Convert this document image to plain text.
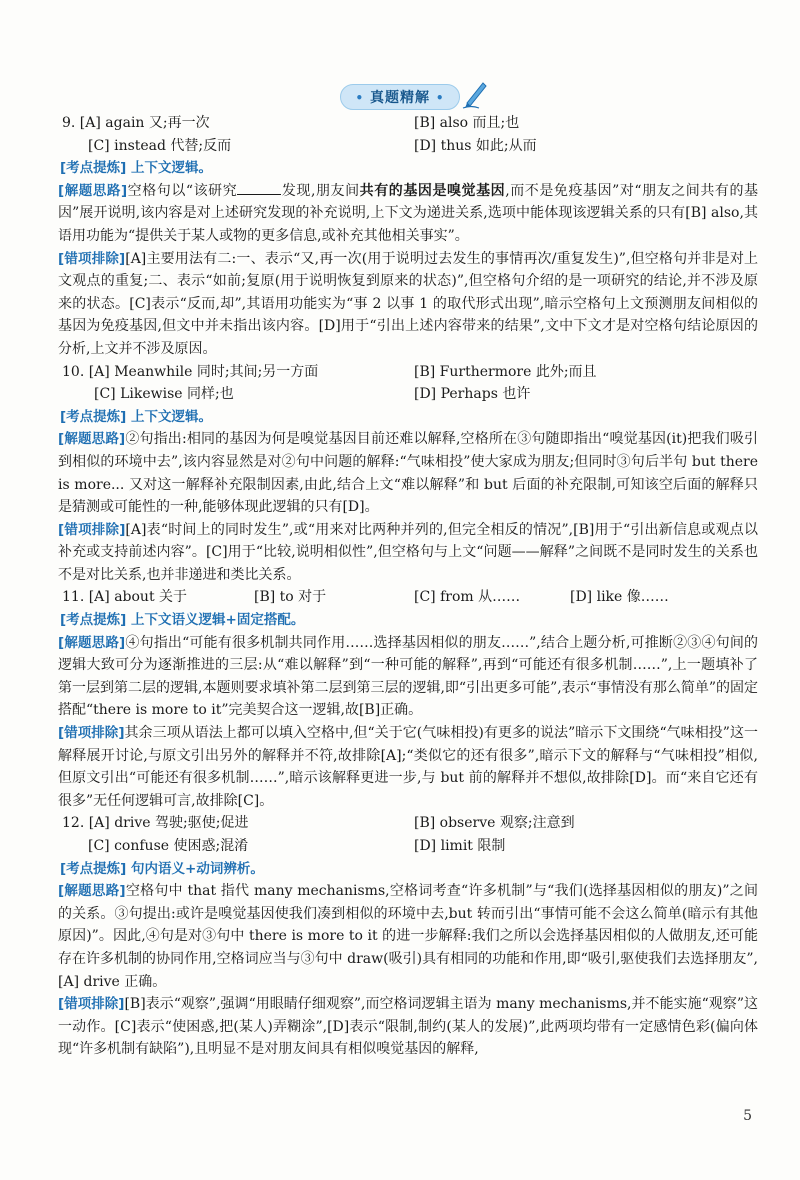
• 真题精解 •
9. [A] again 又;再一次	[B] also 而且;也
[C] instead 代替;反而	[D] thus 如此;从而
[考点提炼] 上下文逻辑。

[解题思路]空格句以“该研究	发现,朋友间共有的基因是嗅觉基因,而不是免疫基因”对“朋友之间共有的基因”展开说明,该内容是对上述研究发现的补充说明,上下文为递进关系,选项中能体现该逻辑关系的只有[B] also,其语用功能为“提供关于某人或物的更多信息,或补充其他相关事实”。

[错项排除][A]主要用法有二:一、表示“又,再一次(用于说明过去发生的事情再次/重复发生)”,但空格句并非是对上文观点的重复;二、表示“如前;复原(用于说明恢复到原来的状态)”,但空格句介绍的是一项研究的结论,并不涉及原来的状态。[C]表示“反而,却”,其语用功能实为“事 2 以事 1 的取代形式出现”,暗示空格句上文预测朋友间相似的基因为免疫基因,但文中并未指出该内容。[D]用于“引出上述内容带来的结果”,文中下文才是对空格句结论原因的分析,上文并不涉及原因。

10. [A] Meanwhile 同时;其间;另一方面	[B] Furthermore 此外;而且
[C] Likewise 同样;也	[D] Perhaps 也许
[考点提炼] 上下文逻辑。

[解题思路]②句指出:相同的基因为何是嗅觉基因目前还难以解释,空格所在③句随即指出“嗅觉基因(it)把我们吸引到相似的环境中去”,该内容显然是对②句中问题的解释:“气味相投”使大家成为朋友;但同时③句后半句 but there is more... 又对这一解释补充限制因素,由此,结合上文“难以解释”和 but 后面的补充限制,可知该空后面的解释只是猜测或可能性的一种,能够体现此逻辑的只有[D]。

[错项排除][A]表“时间上的同时发生”,或“用来对比两种并列的,但完全相反的情况”,[B]用于“引出新信息或观点以补充或支持前述内容”。[C]用于“比较,说明相似性”,但空格句与上文“问题——解释”之间既不是同时发生的关系也不是对比关系,也并非递进和类比关系。

11. [A] about 关于	[B] to 对于	[C] from 从……	[D] like 像……
[考点提炼] 上下文语义逻辑+固定搭配。

[解题思路]④句指出“可能有很多机制共同作用……选择基因相似的朋友……”,结合上题分析,可推断②③④句间的逻辑大致可分为逐渐推进的三层:从“难以解释”到“一种可能的解释”,再到“可能还有很多机制……”,上一题填补了第一层到第二层的逻辑,本题则要求填补第二层到第三层的逻辑,即“引出更多可能”,表示“事情没有那么简单”的固定搭配“there is more to it”完美契合这一逻辑,故[B]正确。

[错项排除]其余三项从语法上都可以填入空格中,但“关于它(气味相投)有更多的说法”暗示下文围绕“气味相投”这一解释展开讨论,与原文引出另外的解释并不符,故排除[A];“类似它的还有很多”,暗示下文的解释与“气味相投”相似,但原文引出“可能还有很多机制……”,暗示该解释更进一步,与 but 前的解释并不想似,故排除[D]。而“来自它还有很多”无任何逻辑可言,故排除[C]。

12. [A] drive 驾驶;驱使;促进	[B] observe 观察;注意到
[C] confuse 使困惑;混淆	[D] limit 限制
[考点提炼] 句内语义+动词辨析。

[解题思路]空格句中 that 指代 many mechanisms,空格词考查“许多机制”与“我们(选择基因相似的朋友)”之间的关系。③句提出:或许是嗅觉基因使我们凑到相似的环境中去,but 转而引出“事情可能不会这么简单(暗示有其他原因)”。因此,④句是对③句中 there is more to it 的进一步解释:我们之所以会选择基因相似的人做朋友,还可能存在许多机制的协同作用,空格词应当与③句中 draw(吸引)具有相同的功能和作用,即“吸引,驱使我们去选择朋友”,[A] drive 正确。

[错项排除][B]表示“观察”,强调“用眼睛仔细观察”,而空格词逻辑主语为 many mechanisms,并不能实施“观察”这一动作。[C]表示“使困惑,把(某人)弄糊涂”,[D]表示“限制,制约(某人的发展)”,此两项均带有一定感情色彩(偏向体现“许多机制有缺陷”),且明显不是对朋友间具有相似嗅觉基因的解释,

5
